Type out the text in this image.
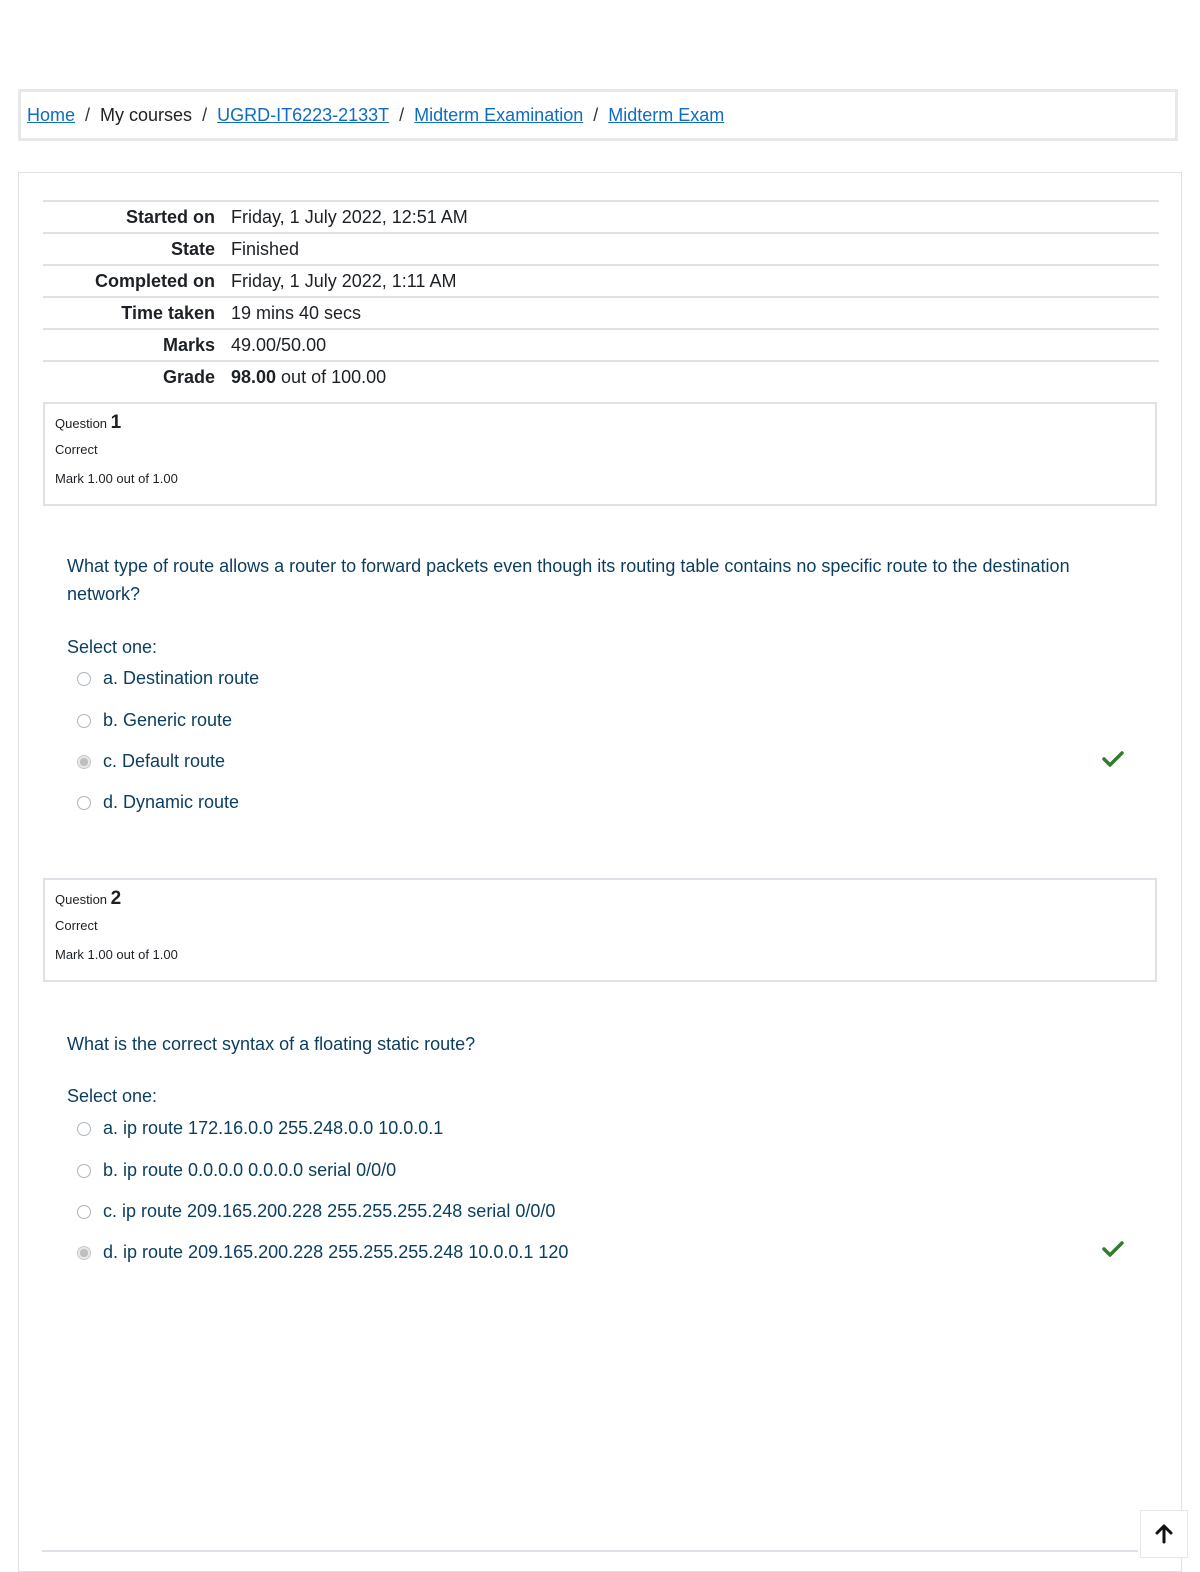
Home / My courses / UGRD-IT6223-2133T / Midterm Examination / Midterm Exam
Started on	Friday, 1 July 2022, 12:51 AM
State	Finished
Completed on	Friday, 1 July 2022, 1:11 AM
Time taken	19 mins 40 secs
Marks	49.00/50.00
Grade	98.00 out of 100.00
Question 1
Correct
Mark 1.00 out of 1.00
What type of route allows a router to forward packets even though its routing table contains no specific route to the destination network?
Select one:
a. Destination route
b. Generic route
c. Default route
d. Dynamic route
Question 2
Correct
Mark 1.00 out of 1.00
What is the correct syntax of a floating static route?
Select one:
a. ip route 172.16.0.0 255.248.0.0 10.0.0.1
b. ip route 0.0.0.0 0.0.0.0 serial 0/0/0
c. ip route 209.165.200.228 255.255.255.248 serial 0/0/0
d. ip route 209.165.200.228 255.255.255.248 10.0.0.1 120
